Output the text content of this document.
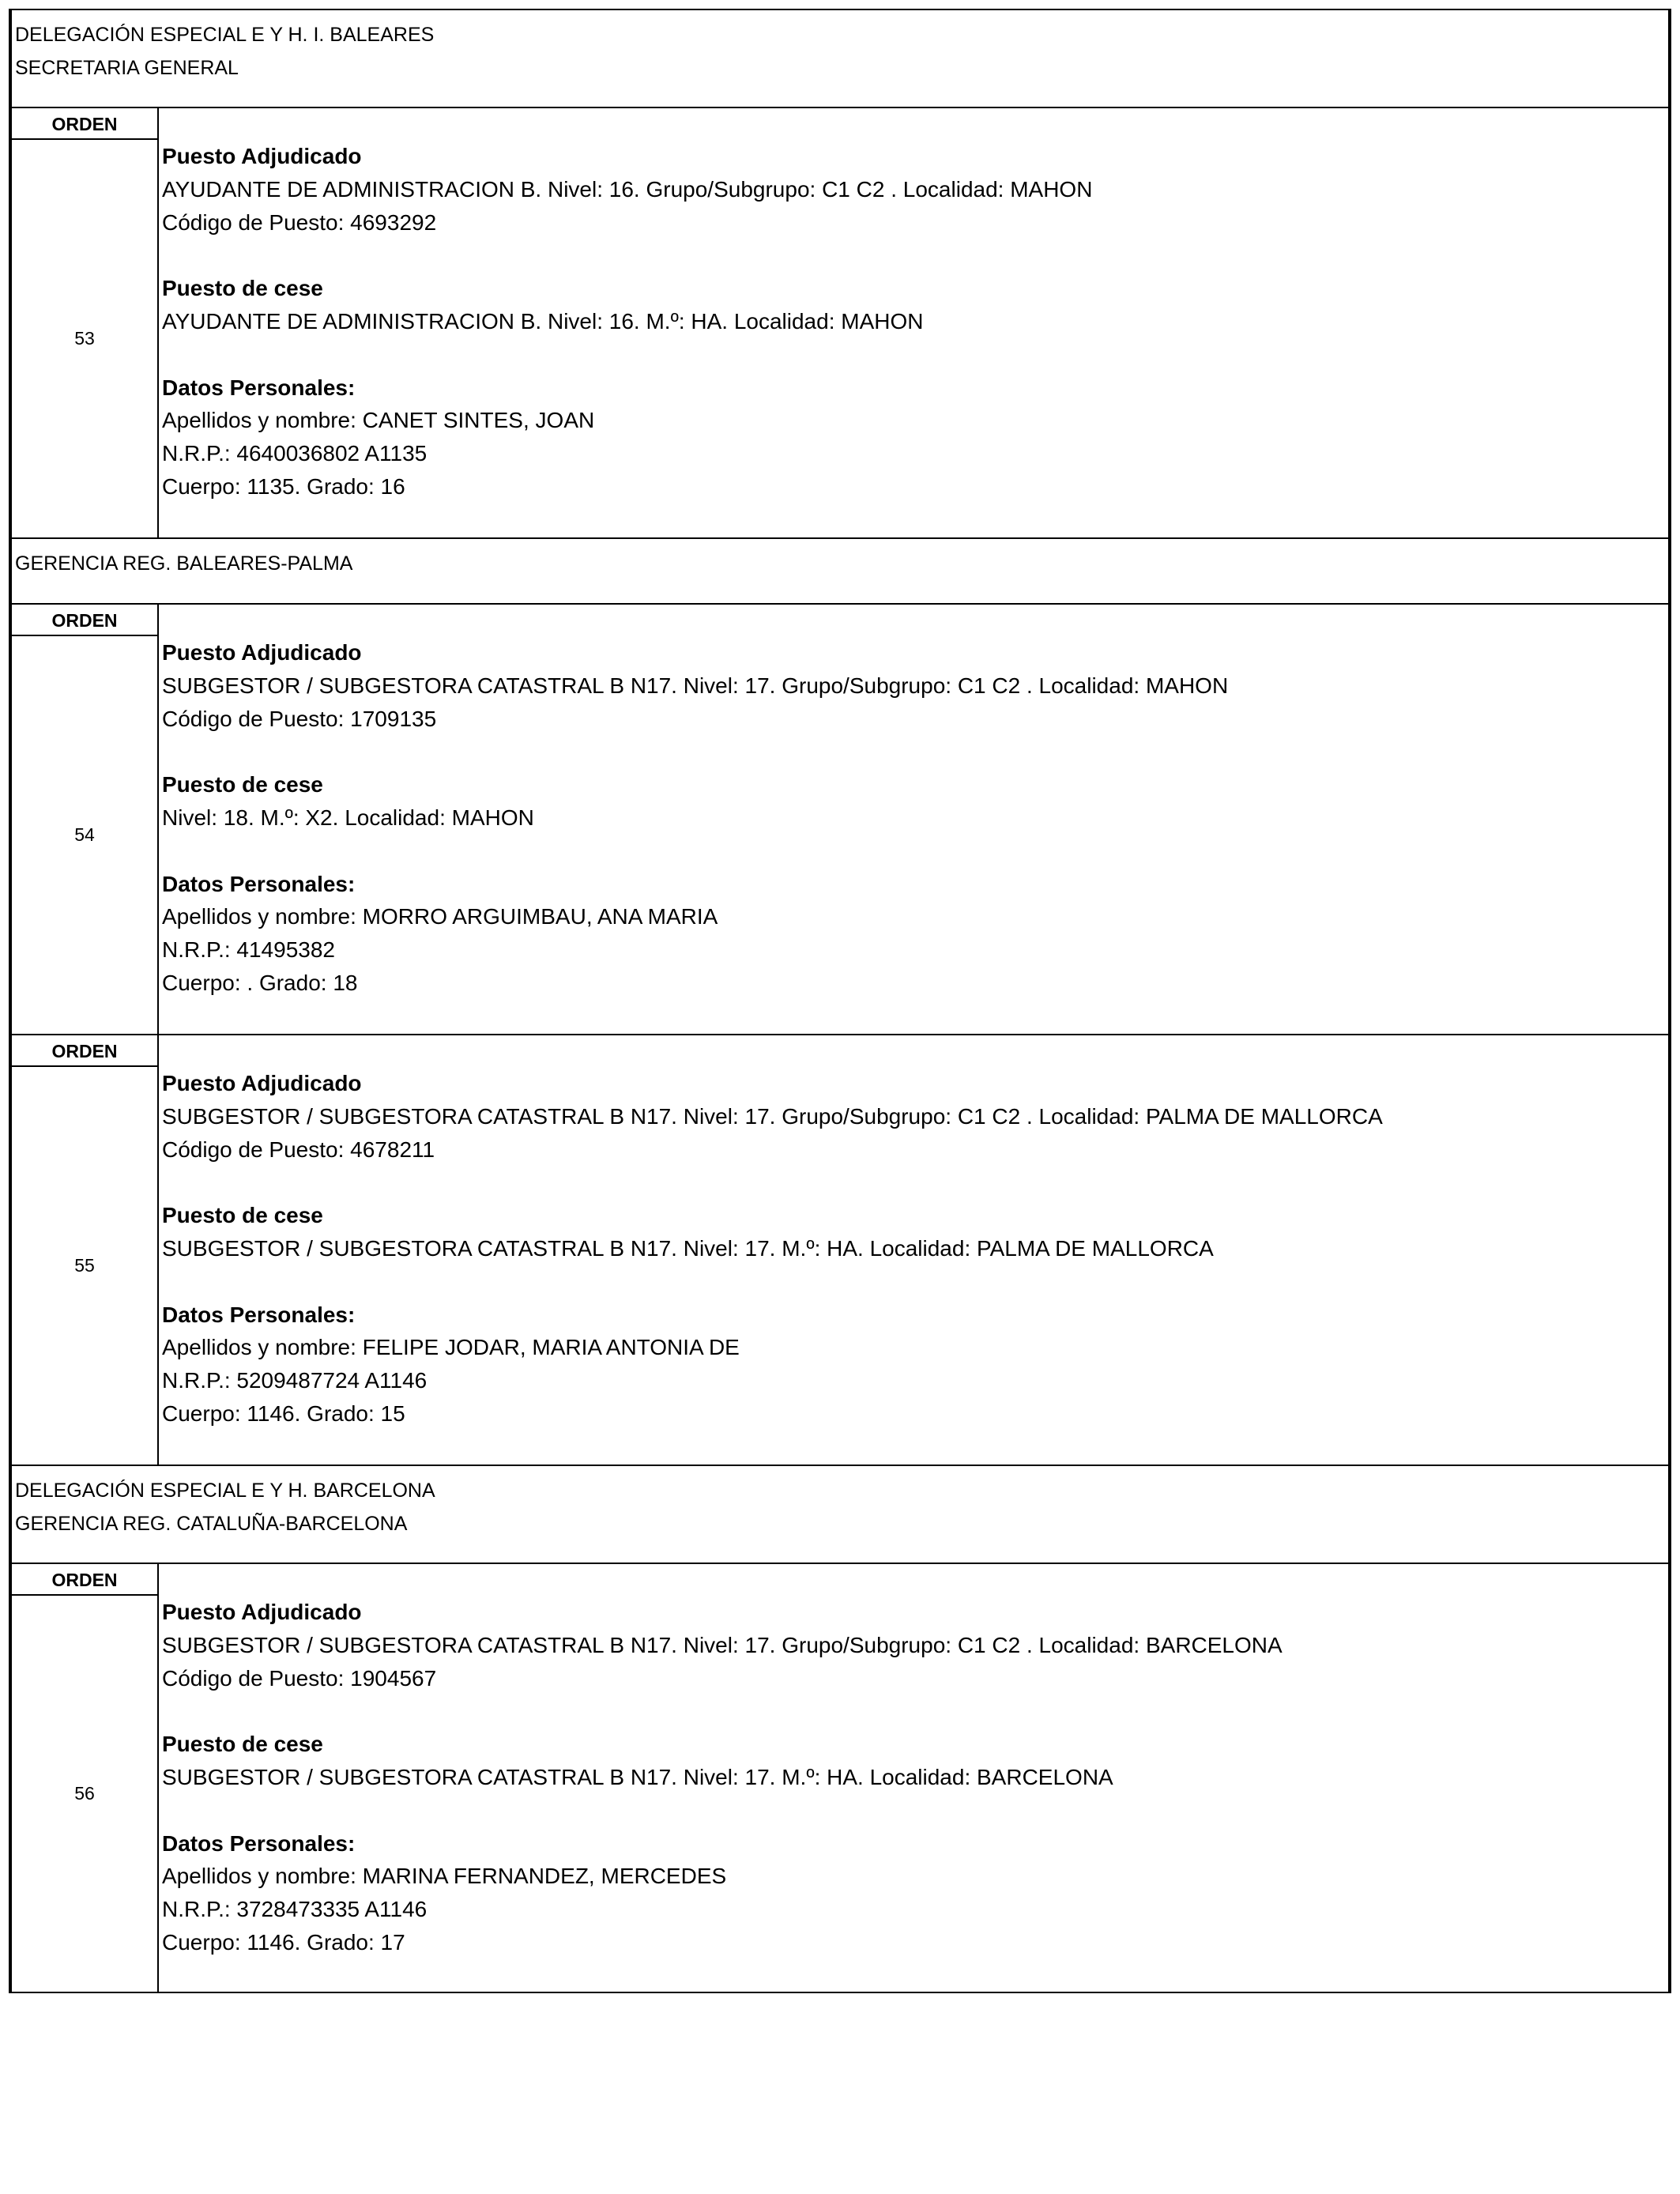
DELEGACIÓN ESPECIAL E Y H. I. BALEARES
SECRETARIA GENERAL
ORDEN
53
Puesto Adjudicado
AYUDANTE DE ADMINISTRACION B. Nivel: 16. Grupo/Subgrupo: C1 C2 . Localidad: MAHON
Código de Puesto: 4693292
Puesto de cese
AYUDANTE DE ADMINISTRACION B. Nivel: 16. M.º: HA. Localidad: MAHON
Datos Personales:
Apellidos y nombre: CANET SINTES, JOAN
N.R.P.: 4640036802 A1135
Cuerpo: 1135. Grado: 16
GERENCIA REG. BALEARES-PALMA
ORDEN
54
Puesto Adjudicado
SUBGESTOR / SUBGESTORA CATASTRAL B N17. Nivel: 17. Grupo/Subgrupo: C1 C2 . Localidad: MAHON
Código de Puesto: 1709135
Puesto de cese
Nivel: 18. M.º: X2. Localidad: MAHON
Datos Personales:
Apellidos y nombre: MORRO ARGUIMBAU, ANA MARIA
N.R.P.: 41495382
Cuerpo: . Grado: 18
ORDEN
55
Puesto Adjudicado
SUBGESTOR / SUBGESTORA CATASTRAL B N17. Nivel: 17. Grupo/Subgrupo: C1 C2 . Localidad: PALMA DE MALLORCA
Código de Puesto: 4678211
Puesto de cese
SUBGESTOR / SUBGESTORA CATASTRAL B N17. Nivel: 17. M.º: HA. Localidad: PALMA DE MALLORCA
Datos Personales:
Apellidos y nombre: FELIPE JODAR, MARIA ANTONIA DE
N.R.P.: 5209487724 A1146
Cuerpo: 1146. Grado: 15
DELEGACIÓN ESPECIAL E Y H. BARCELONA
GERENCIA REG. CATALUÑA-BARCELONA
ORDEN
56
Puesto Adjudicado
SUBGESTOR / SUBGESTORA CATASTRAL B N17. Nivel: 17. Grupo/Subgrupo: C1 C2 . Localidad: BARCELONA
Código de Puesto: 1904567
Puesto de cese
SUBGESTOR / SUBGESTORA CATASTRAL B N17. Nivel: 17. M.º: HA. Localidad: BARCELONA
Datos Personales:
Apellidos y nombre: MARINA FERNANDEZ, MERCEDES
N.R.P.: 3728473335 A1146
Cuerpo: 1146. Grado: 17
